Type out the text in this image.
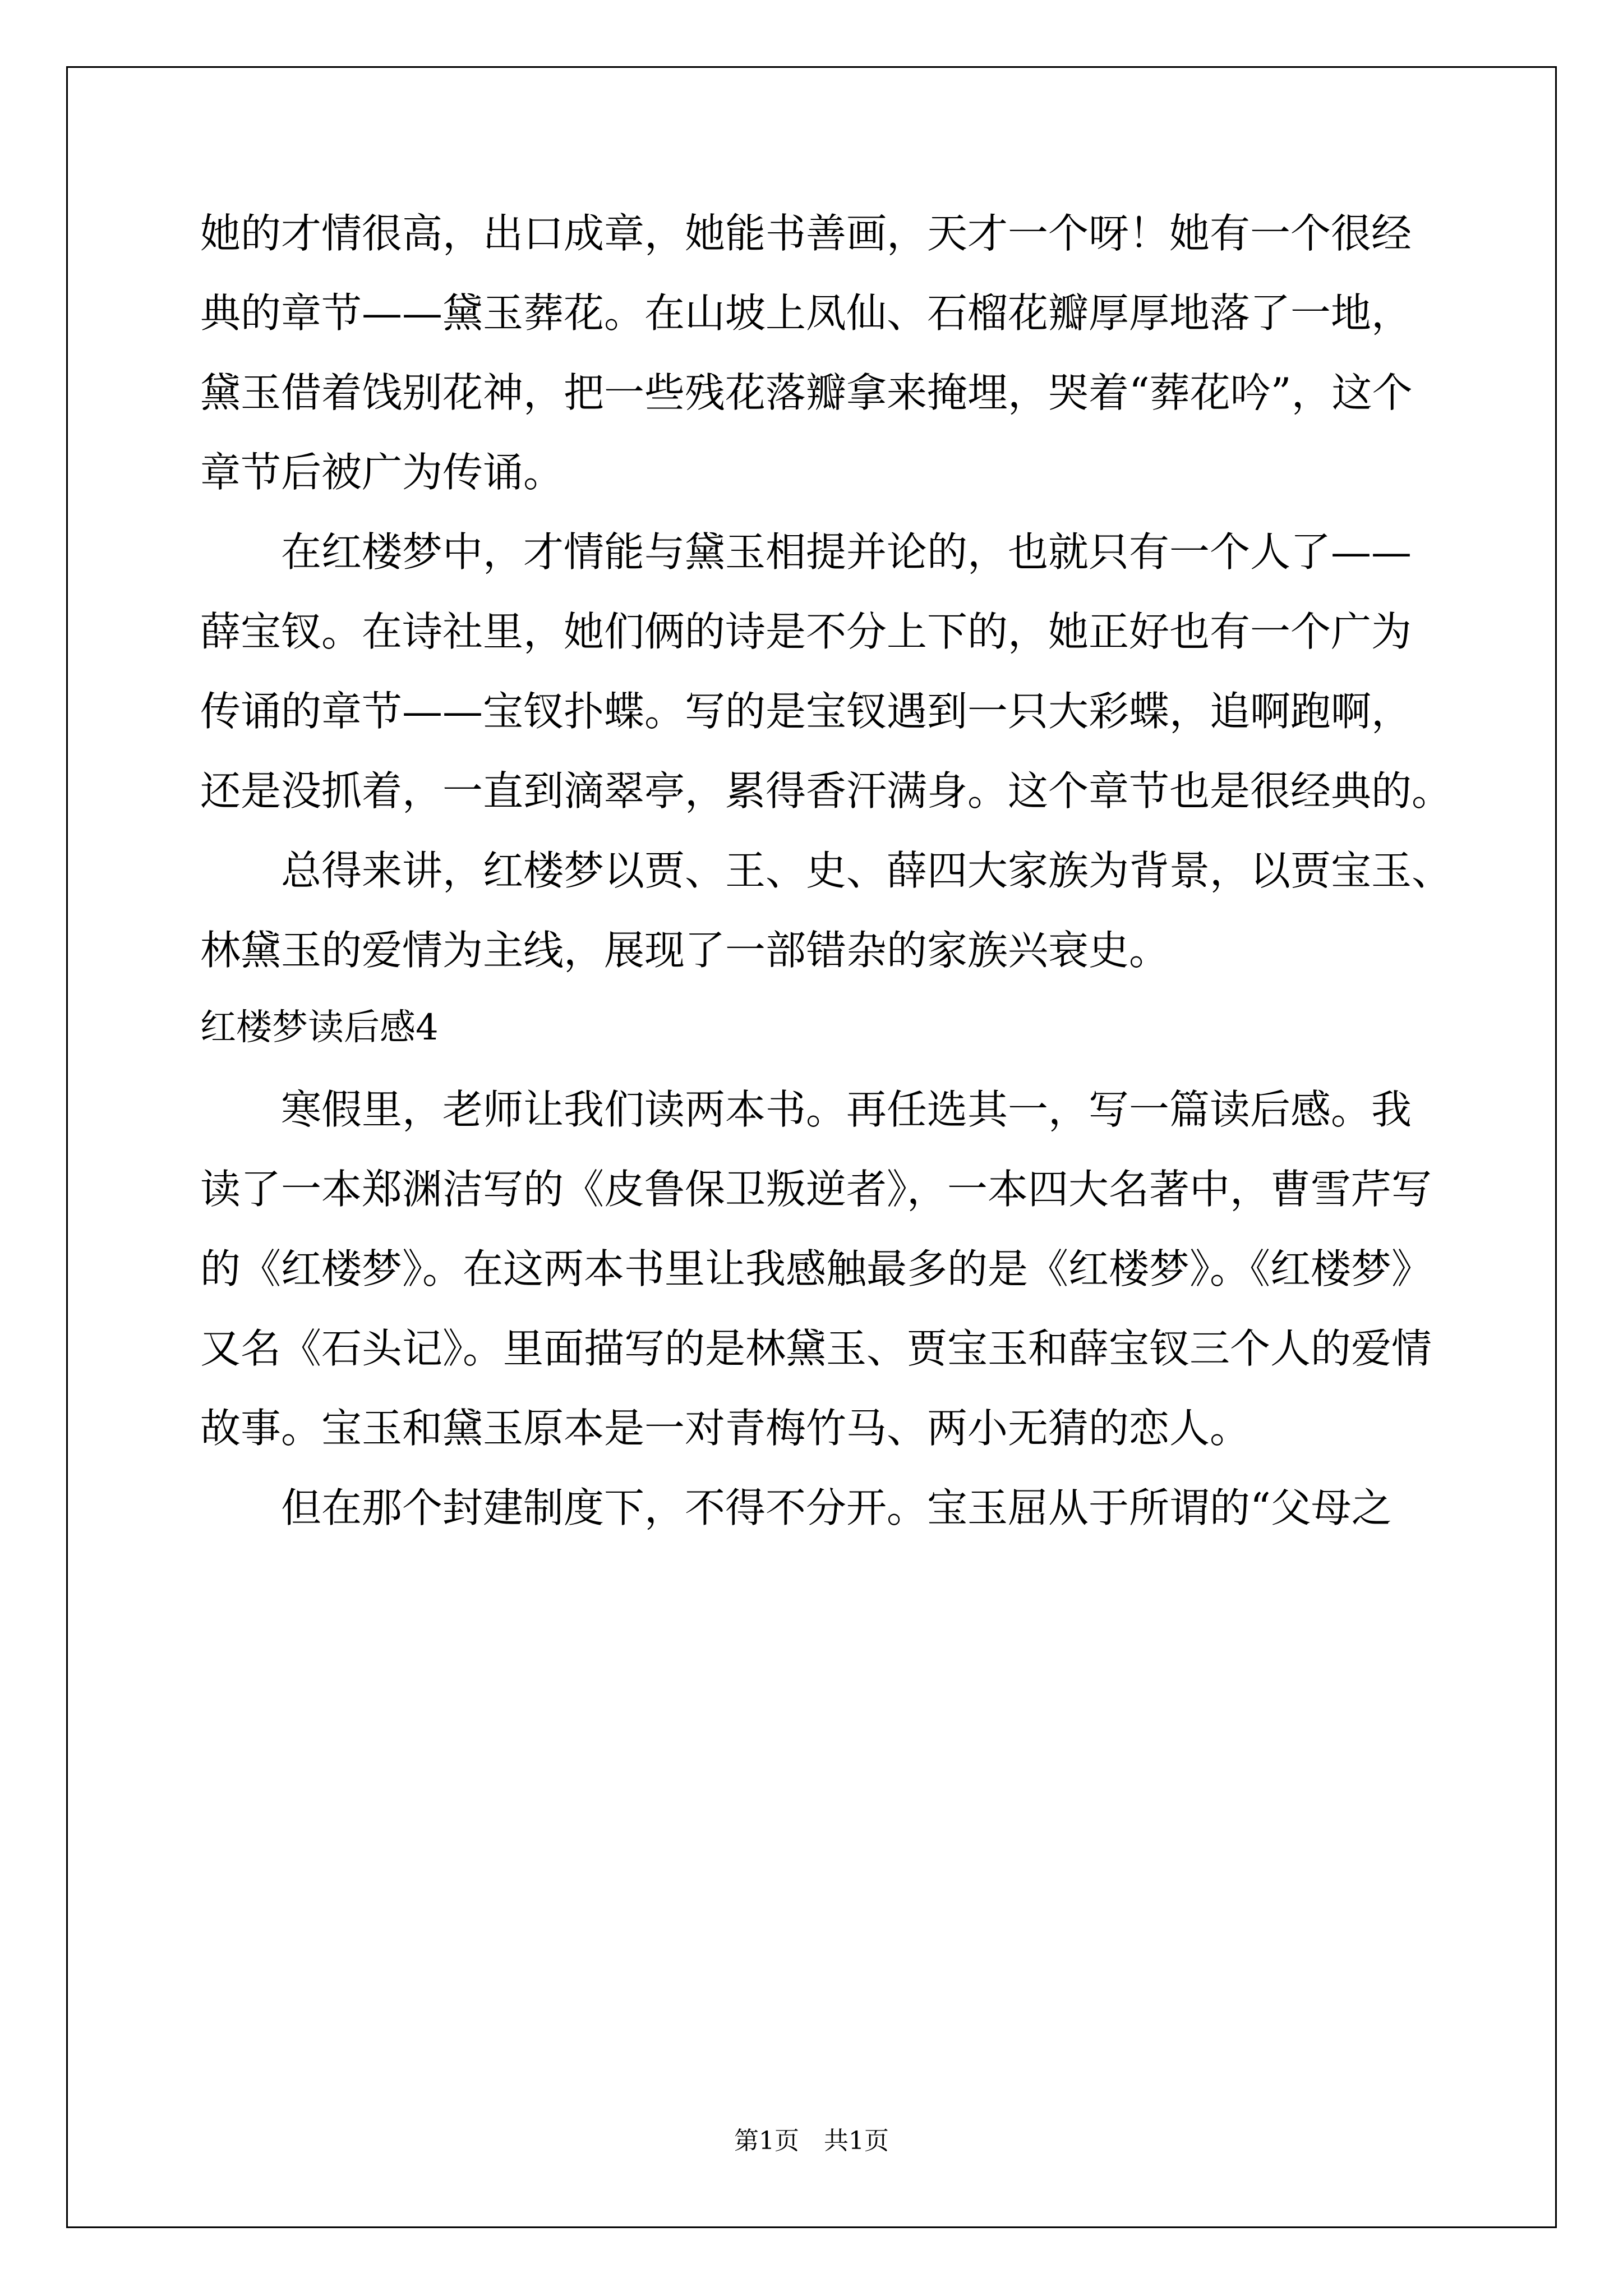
她的才情很高，出口成章，她能书善画，天才一个呀！她有一个很经
典的章节——黛玉葬花。在山坡上凤仙、石榴花瓣厚厚地落了一地，
黛玉借着饯别花神，把一些残花落瓣拿来掩埋，哭着“葬花吟”，这个
章节后被广为传诵。
在红楼梦中，才情能与黛玉相提并论的，也就只有一个人了——
薛宝钗。在诗社里，她们俩的诗是不分上下的，她正好也有一个广为
传诵的章节——宝钗扑蝶。写的是宝钗遇到一只大彩蝶，追啊跑啊，
还是没抓着，一直到滴翠亭，累得香汗满身。这个章节也是很经典的。
总得来讲，红楼梦以贾、王、史、薛四大家族为背景，以贾宝玉、
林黛玉的爱情为主线，展现了一部错杂的家族兴衰史。
红楼梦读后感4
寒假里，老师让我们读两本书。再任选其一，写一篇读后感。我
读了一本郑渊洁写的《皮鲁保卫叛逆者》，一本四大名著中，曹雪芹写
的《红楼梦》。在这两本书里让我感触最多的是《红楼梦》。《红楼梦》
又名《石头记》。里面描写的是林黛玉、贾宝玉和薛宝钗三个人的爱情
故事。宝玉和黛玉原本是一对青梅竹马、两小无猜的恋人。
但在那个封建制度下，不得不分开。宝玉屈从于所谓的“父母之
第1页 共1页
